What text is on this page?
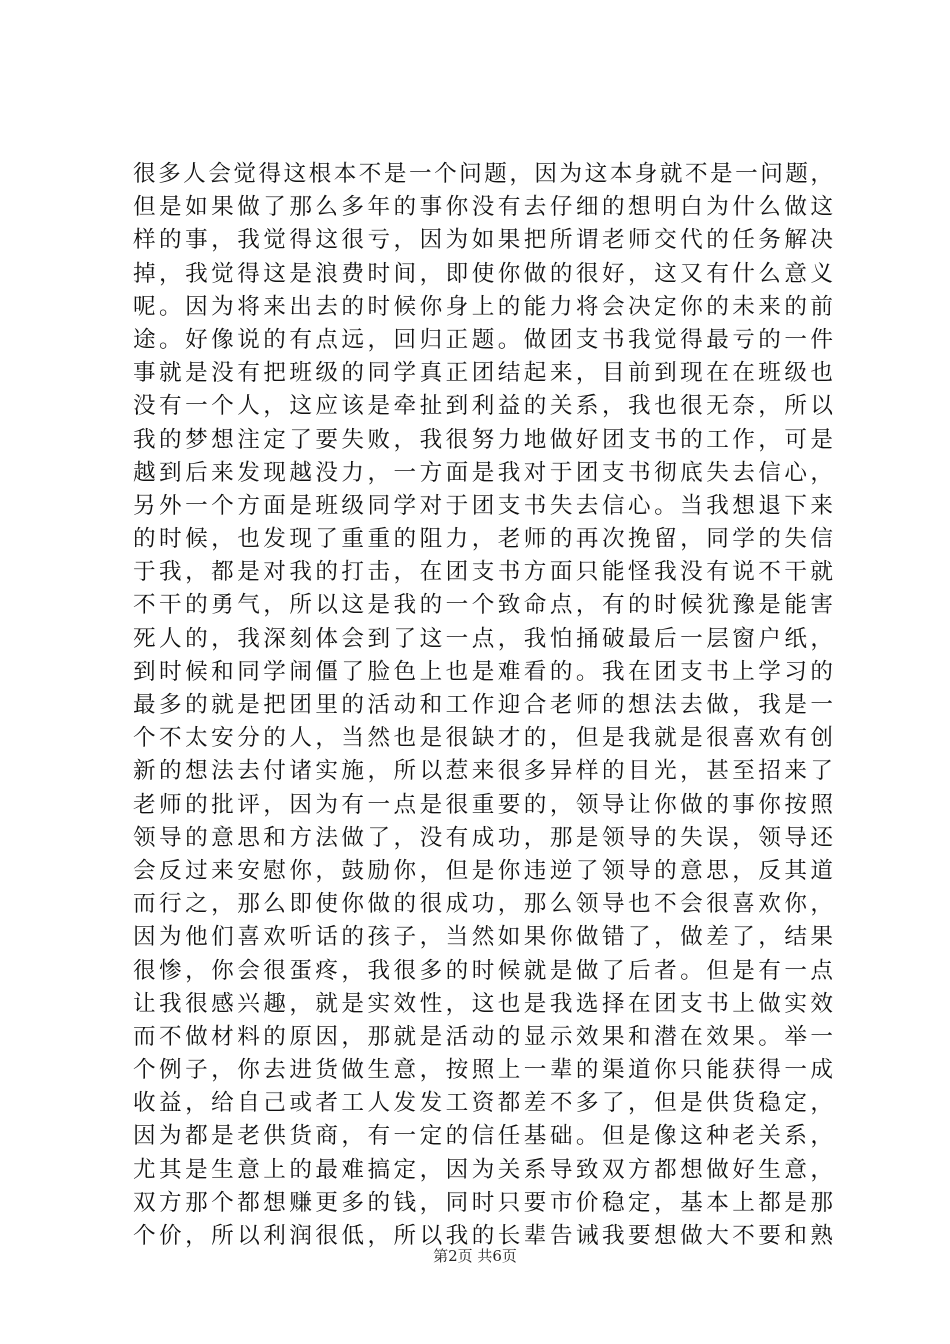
很多人会觉得这根本不是一个问题，因为这本身就不是一问题，
但是如果做了那么多年的事你没有去仔细的想明白为什么做这
样的事，我觉得这很亏，因为如果把所谓老师交代的任务解决
掉，我觉得这是浪费时间，即使你做的很好，这又有什么意义
呢。因为将来出去的时候你身上的能力将会决定你的未来的前
途。好像说的有点远，回归正题。做团支书我觉得最亏的一件
事就是没有把班级的同学真正团结起来，目前到现在在班级也
没有一个人，这应该是牵扯到利益的关系，我也很无奈，所以
我的梦想注定了要失败，我很努力地做好团支书的工作，可是
越到后来发现越没力，一方面是我对于团支书彻底失去信心，
另外一个方面是班级同学对于团支书失去信心。当我想退下来
的时候，也发现了重重的阻力，老师的再次挽留，同学的失信
于我，都是对我的打击，在团支书方面只能怪我没有说不干就
不干的勇气，所以这是我的一个致命点，有的时候犹豫是能害
死人的，我深刻体会到了这一点，我怕捅破最后一层窗户纸，
到时候和同学闹僵了脸色上也是难看的。我在团支书上学习的
最多的就是把团里的活动和工作迎合老师的想法去做，我是一
个不太安分的人，当然也是很缺才的，但是我就是很喜欢有创
新的想法去付诸实施，所以惹来很多异样的目光，甚至招来了
老师的批评，因为有一点是很重要的，领导让你做的事你按照
领导的意思和方法做了，没有成功，那是领导的失误，领导还
会反过来安慰你，鼓励你，但是你违逆了领导的意思，反其道
而行之，那么即使你做的很成功，那么领导也不会很喜欢你，
因为他们喜欢听话的孩子，当然如果你做错了，做差了，结果
很惨，你会很蛋疼，我很多的时候就是做了后者。但是有一点
让我很感兴趣，就是实效性，这也是我选择在团支书上做实效
而不做材料的原因，那就是活动的显示效果和潜在效果。举一
个例子，你去进货做生意，按照上一辈的渠道你只能获得一成
收益，给自己或者工人发发工资都差不多了，但是供货稳定，
因为都是老供货商，有一定的信任基础。但是像这种老关系，
尤其是生意上的最难搞定，因为关系导致双方都想做好生意，
双方那个都想赚更多的钱，同时只要市价稳定，基本上都是那
个价，所以利润很低，所以我的长辈告诫我要想做大不要和熟
第2页 共6页
